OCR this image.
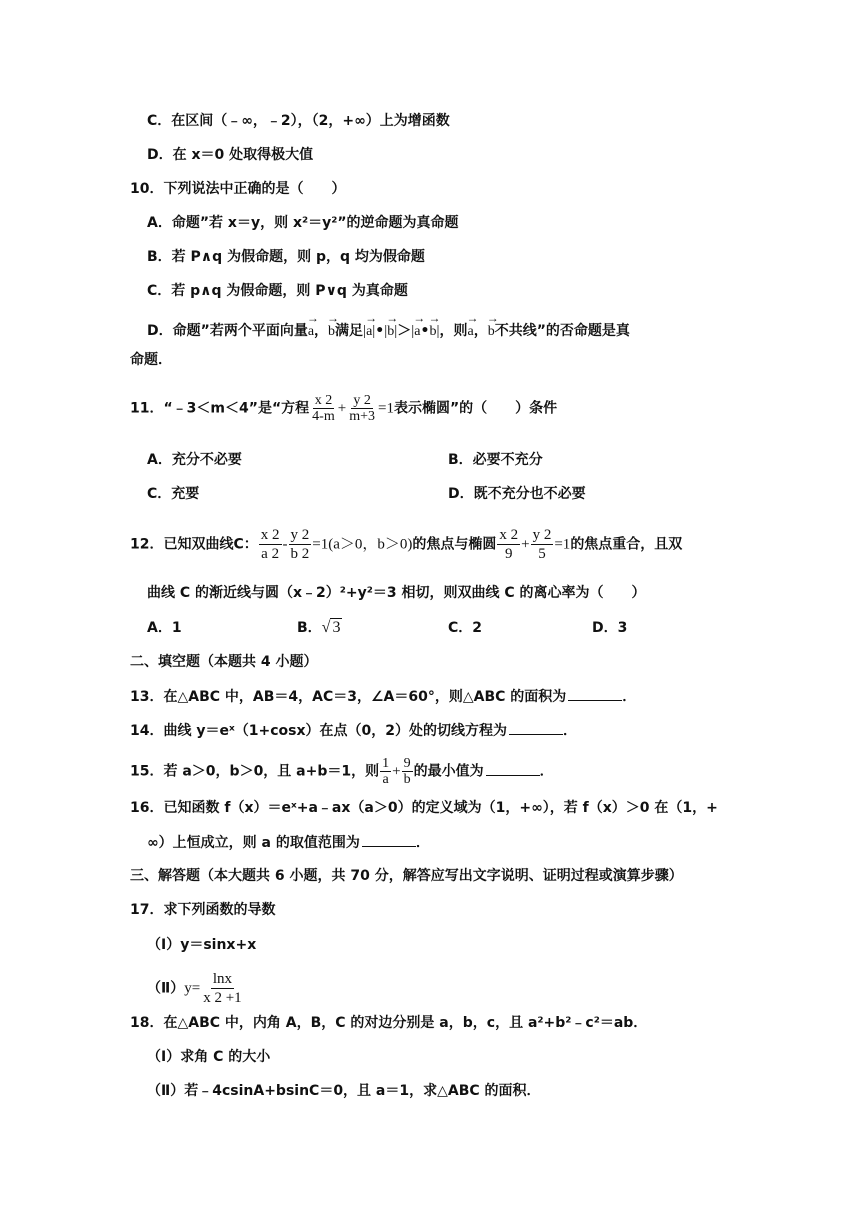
C．在区间（﹣∞，﹣2），（2，+∞）上为增函数
D．在 x＝0 处取得极大值
10．下列说法中正确的是（　　）
A．命题”若 x＝y，则 x²＝y²”的逆命题为真命题
B．若 P∧q 为假命题，则 p，q 均为假命题
C．若 p∧q 为假命题，则 P∨q 为真命题
D．命题”若两个平面向量→ a，→ b满足|→ a|•|→ b|＞|→ a•→ b|，则→ a，→ b不共线”的否命题是真
命题．
11．“﹣3＜m＜4”是“方程 $\frac{x 2}{4-m} + \frac{y 2}{m+3} =1$表示椭圆”的（　　）条件
A．充分不必要	B．必要不充分
C．充要	D．既不充分也不必要
12．已知双曲线C： $\frac{x 2}{a 2} - \frac{y 2}{b 2} =1(a>0$，b＞0)的焦点与椭圆 $\frac{x 2}{9} + \frac{y 2}{5} =1$的焦点重合，且双
曲线 C 的渐近线与圆（x﹣2）²+y²＝3 相切，则双曲线 C 的离心率为（　　）
A．1	B．√ 3	C．2	D．3
二、填空题（本题共 4 小题）
13．在△ABC 中，AB＝4，AC＝3，∠A＝60°，则△ABC 的面积为	．
14．曲线 y＝eˣ（1+cosx）在点（0，2）处的切线方程为	．
15．若 a＞0，b＞0，且 a+b＝1，则 $\frac{1}{a} + \frac{9}{b}$ 的最小值为	．
16．已知函数 f（x）＝eˣ+a﹣ax（a＞0）的定义域为（1，+∞），若 f（x）＞0 在（1，+
∞）上恒成立，则 a 的取值范围为	．
三、解答题（本大题共 6 小题，共 70 分，解答应写出文字说明、证明过程或演算步骤）
17．求下列函数的导数
（Ⅰ）y＝sinx+x
（Ⅱ）y= $\frac{\ln x}{x 2 +1}$
18．在△ABC 中，内角 A，B，C 的对边分别是 a，b，c，且 a²+b²﹣c²＝ab．
（Ⅰ）求角 C 的大小
（Ⅱ）若﹣4csinA+bsinC＝0，且 a＝1，求△ABC 的面积．
